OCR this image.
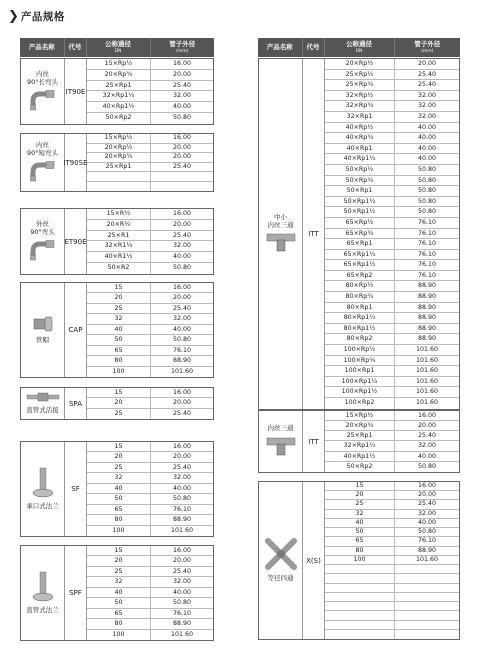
❯ 产品规格
产品名称	代号	公称通径
DN
	管子外径
(mm)
内丝
90°长弯头
IT90E
15×Rp½	16.00
20×Rp¾	20.00
25×Rp1	25.40
32×Rp1¼	32.00
40×Rp1½	40.00
50×Rp2	50.80
内丝
90°短弯头
IT90SE
15×Rp½	16.00
20×Rp½	20.00
20×Rp¾	20.00
25×Rp1	25.40
外丝
90°弯头
ET90E
15×R½	16.00
20×R¾	20.00
25×R1	25.40
32×R1¼	32.00
40×R1½	40.00
50×R2	50.80
管帽
CAP
15	16.00
20	20.00
25	25.40
32	32.00
40	40.00
50	50.80
65	76.10
80	88.90
100	101.60
直管式活接
SPA
15	16.00
20	20.00
25	25.40
承口式法兰
SF
15	16.00
20	20.00
25	25.40
32	32.00
40	40.00
50	50.80
65	76.10
80	88.90
100	101.60
直管式法兰
SPF
15	16.00
20	20.00
25	25.40
32	32.00
40	40.00
50	50.80
65	76.10
80	88.90
100	101.60
产品名称	代号	公称通径
DN
	管子外径
(mm)
中小
内丝三通
ITT
20×Rp½	20.00
25×Rp½	25.40
25×Rp¾	25.40
32×Rp½	32.00
32×Rp¾	32.00
32×Rp1	32.00
40×Rp½	40.00
40×Rp¾	40.00
40×Rp1	40.00
40×Rp1¼	40.00
50×Rp½	50.80
50×Rp¾	50.80
50×Rp1	50.80
50×Rp1¼	50.80
50×Rp1½	50.80
65×Rp½	76.10
65×Rp¾	76.10
65×Rp1	76.10
65×Rp1¼	76.10
65×Rp1½	76.10
65×Rp2	76.10
80×Rp½	88.90
80×Rp¾	88.90
80×Rp1	88.90
80×Rp1¼	88.90
80×Rp1½	88.90
80×Rp2	88.90
100×Rp½	101.60
100×Rp¾	101.60
100×Rp1	101.60
100×Rp1¼	101.60
100×Rp1½	101.60
100×Rp2	101.60
内丝三通
ITT
15×Rp½	16.00
20×Rp¾	20.00
25×Rp1	25.40
32×Rp1¼	32.00
40×Rp1½	40.00
50×Rp2	50.80
等径四通
X(S)
15	16.00
20	20.00
25	25.40
32	32.00
40	40.00
50	50.80
65	76.10
80	88.90
100	101.60
